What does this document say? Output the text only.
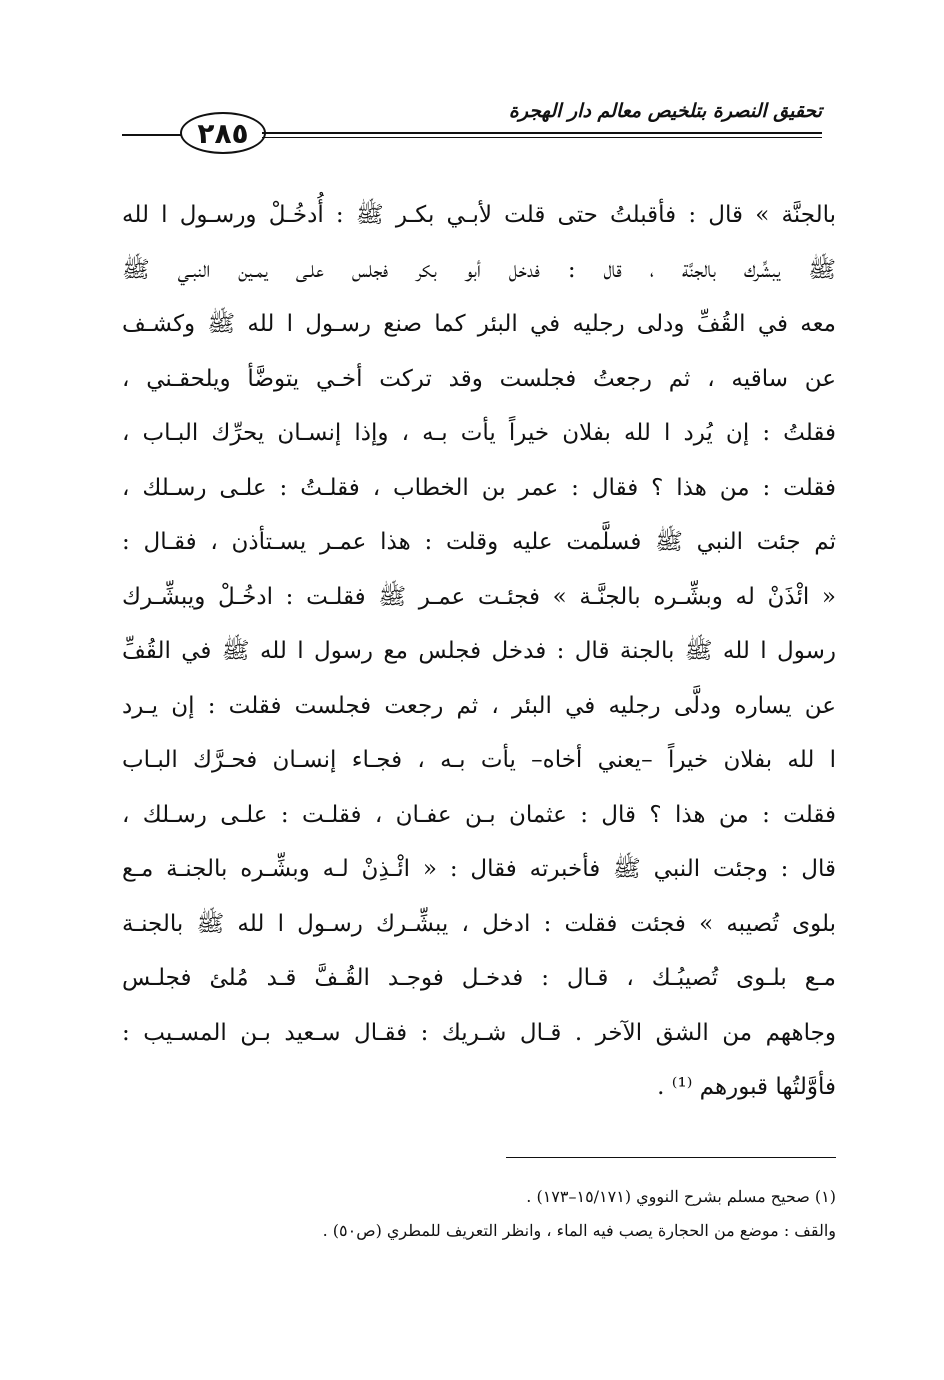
تحقيق النصرة بتلخيص معالم دار الهجرة
٢٨٥
بالجنَّة » قال : فأقبلتُ حتى قلت لأبـي بكـر ﷺ : أُدخُـلْ ورسـول ا لله
ﷺ يبشِّرك بالجنَّة ، قال : فدخل أبو بكر فجلس علـى يمـين النبـي ﷺ
معه في القُفِّ ودلى رجليه في البئر كما صنع رسـول ا لله ﷺ وكشـف
عن ساقيه ، ثم رجعتُ فجلست وقد تركت أخـي يتوضَّأ ويلحقـني ،
فقلتُ : إن يُرد ا لله بفلان خيراً يأت بـه ، وإذا إنسـان يحرِّك البـاب ،
فقلت : من هذا ؟ فقال : عمر بن الخطاب ، فقلـتُ : علـى رسـلك ،
ثم جئت النبي ﷺ فسلَّمت عليه وقلت : هذا عمـر يسـتأذن ، فقـال :
« ائْذَنْ له وبشِّـره بالجنَّـة » فجئـت عمـر ﷺ فقلـت : ادخُـلْ ويبشِّـرك
رسول ا لله ﷺ بالجنة قال : فدخل فجلس مع رسول ا لله ﷺ في القُفِّ
عن يساره ودلَّى رجليه في البئر ، ثم رجعت فجلست فقلت : إن يـرد
ا لله بفلان خيراً –يعني أخاه– يأت بـه ، فجـاء إنسـان فحـرَّك البـاب
فقلت : من هذا ؟ قال : عثمان بـن عفـان ، فقلـت : علـى رسـلك ،
قال : وجئت النبي ﷺ فأخبرته فقال : « ائْـذِنْ لـه وبشِّـره بالجنـة مـع
بلوى تُصيبه » فجئت فقلت : ادخل ، يبشِّـرك رسـول ا لله ﷺ بالجنـة
مـع بلـوى تُصيبُـك ، قـال : فدخـل فوجـد القُـفَّ قـد مُلئ فجلـس
وجاههم من الشق الآخر . قـال شـريك : فقـال سـعيد بـن المسـيب :
فأوَّلتُها قبورهم ⁽¹⁾ .
(١) صحيح مسلم بشرح النووي (١٥/١٧١–١٧٣) .
والقف : موضع من الحجارة يصب فيه الماء ، وانظر التعريف للمطري (ص٥٠) .
